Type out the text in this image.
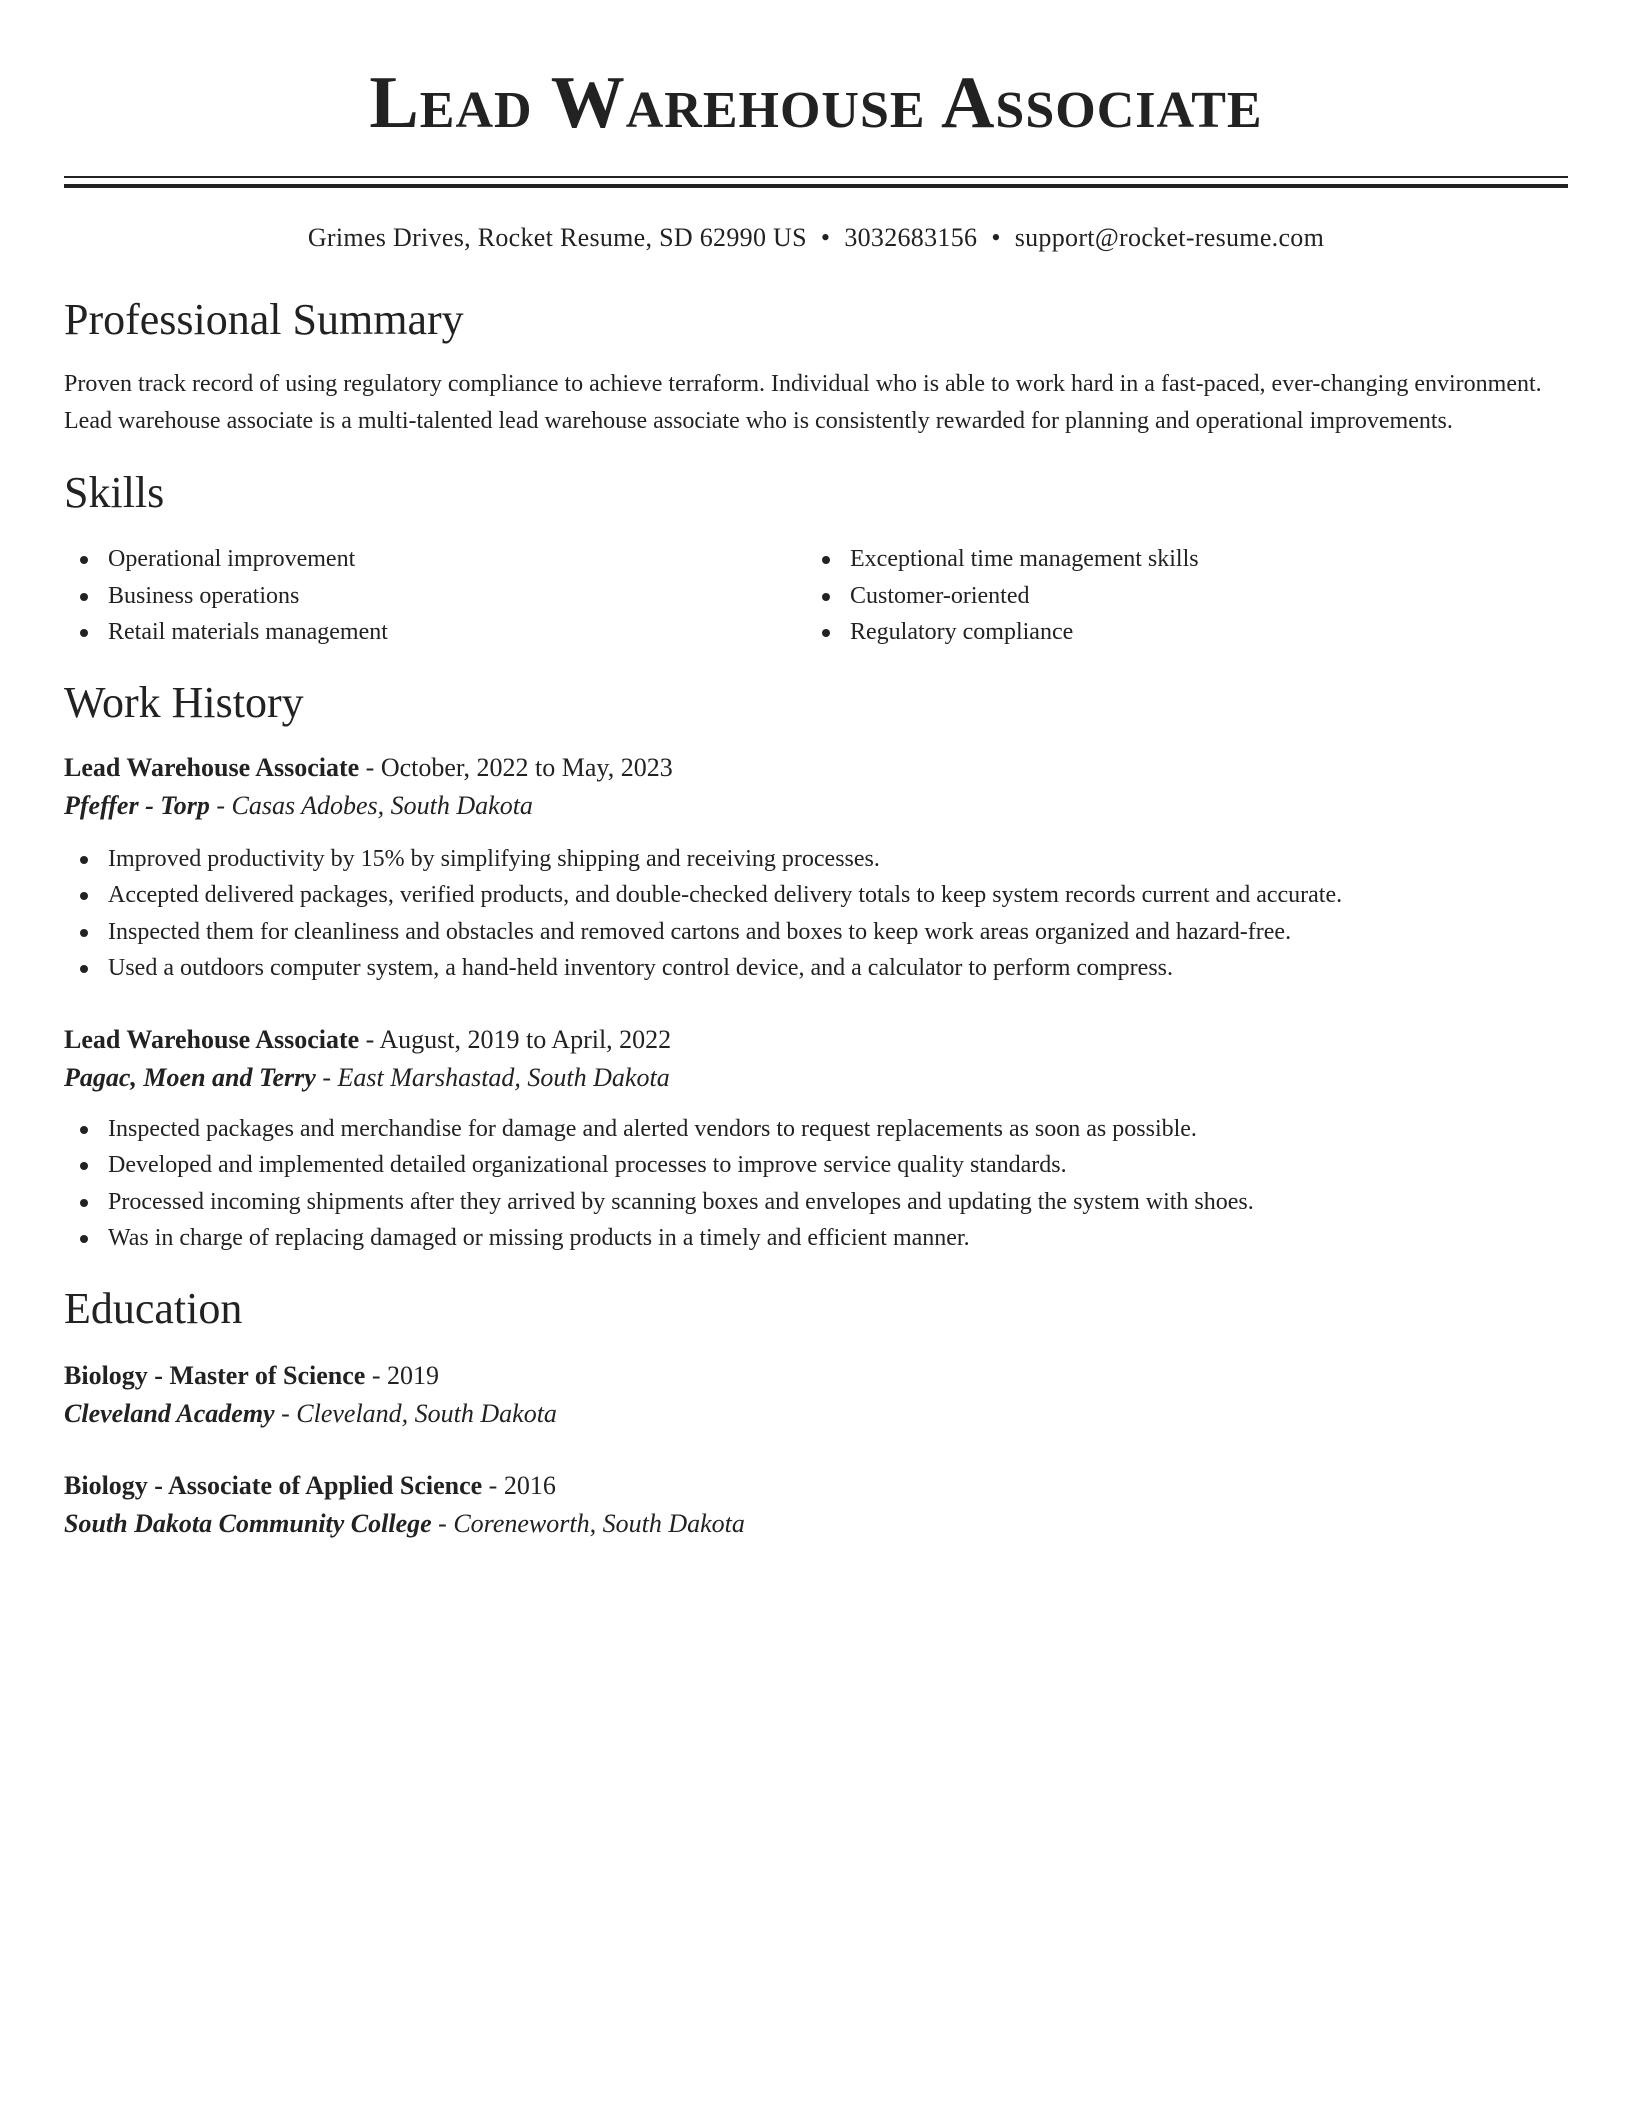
Lead Warehouse Associate
Grimes Drives, Rocket Resume, SD 62990 US • 3032683156 • support@rocket-resume.com
Professional Summary
Proven track record of using regulatory compliance to achieve terraform. Individual who is able to work hard in a fast-paced, ever-changing environment. Lead warehouse associate is a multi-talented lead warehouse associate who is consistently rewarded for planning and operational improvements.
Skills
Operational improvement
Business operations
Retail materials management
Exceptional time management skills
Customer-oriented
Regulatory compliance
Work History
Lead Warehouse Associate - October, 2022 to May, 2023
Pfeffer - Torp - Casas Adobes, South Dakota
Improved productivity by 15% by simplifying shipping and receiving processes.
Accepted delivered packages, verified products, and double-checked delivery totals to keep system records current and accurate.
Inspected them for cleanliness and obstacles and removed cartons and boxes to keep work areas organized and hazard-free.
Used a outdoors computer system, a hand-held inventory control device, and a calculator to perform compress.
Lead Warehouse Associate - August, 2019 to April, 2022
Pagac, Moen and Terry - East Marshastad, South Dakota
Inspected packages and merchandise for damage and alerted vendors to request replacements as soon as possible.
Developed and implemented detailed organizational processes to improve service quality standards.
Processed incoming shipments after they arrived by scanning boxes and envelopes and updating the system with shoes.
Was in charge of replacing damaged or missing products in a timely and efficient manner.
Education
Biology - Master of Science - 2019
Cleveland Academy - Cleveland, South Dakota
Biology - Associate of Applied Science - 2016
South Dakota Community College - Coreneworth, South Dakota
